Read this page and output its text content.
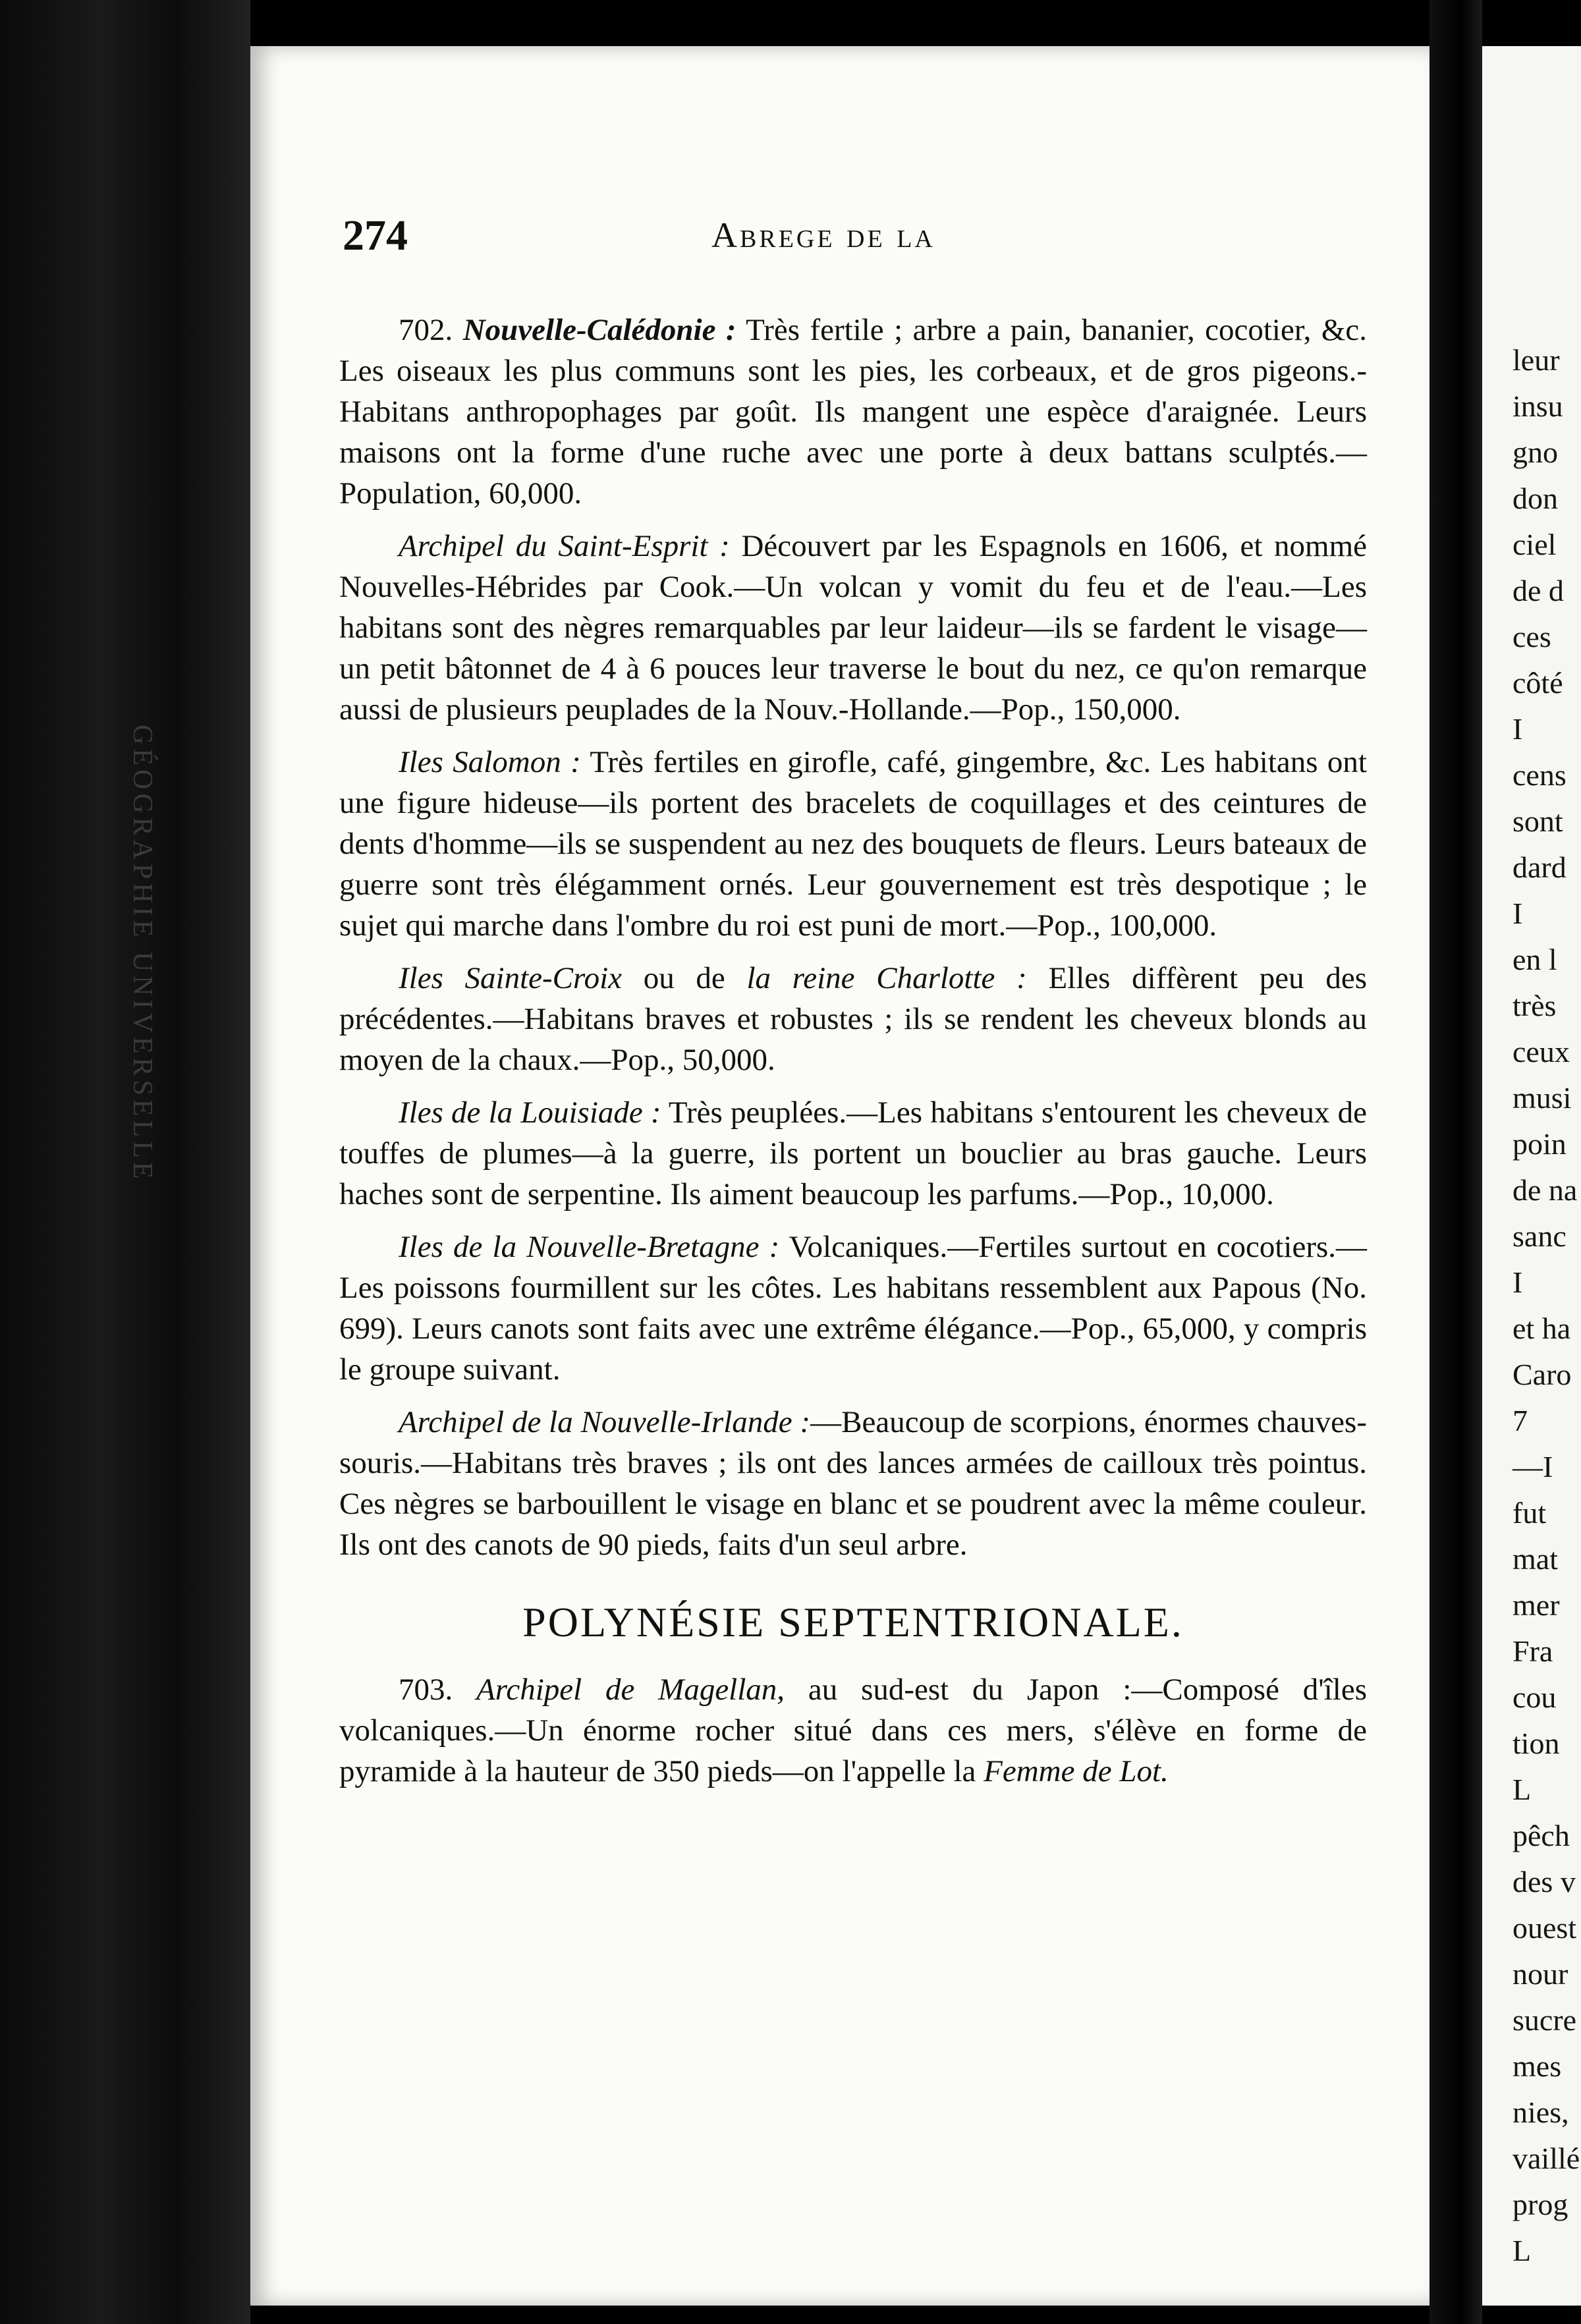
GÉOGRAPHIE UNIVERSELLE
274	Abrege de la

702. Nouvelle-Calédonie : Très fertile ; arbre a pain, bananier, cocotier, &c. Les oiseaux les plus communs sont les pies, les corbeaux, et de gros pigeons.-Habitans anthropophages par goût. Ils mangent une espèce d'araignée. Leurs maisons ont la forme d'une ruche avec une porte à deux battans sculptés.—Population, 60,000.

Archipel du Saint-Esprit : Découvert par les Espagnols en 1606, et nommé Nouvelles-Hébrides par Cook.—Un volcan y vomit du feu et de l'eau.—Les habitans sont des nègres remarquables par leur laideur—ils se fardent le visage—un petit bâtonnet de 4 à 6 pouces leur traverse le bout du nez, ce qu'on remarque aussi de plusieurs peuplades de la Nouv.-Hollande.—Pop., 150,000.

Iles Salomon : Très fertiles en girofle, café, gingembre, &c. Les habitans ont une figure hideuse—ils portent des bracelets de coquillages et des ceintures de dents d'homme—ils se suspendent au nez des bouquets de fleurs. Leurs bateaux de guerre sont très élégamment ornés. Leur gouvernement est très despotique ; le sujet qui marche dans l'ombre du roi est puni de mort.—Pop., 100,000.

Iles Sainte-Croix ou de la reine Charlotte : Elles diffèrent peu des précédentes.—Habitans braves et robustes ; ils se rendent les cheveux blonds au moyen de la chaux.—Pop., 50,000.

Iles de la Louisiade : Très peuplées.—Les habitans s'entourent les cheveux de touffes de plumes—à la guerre, ils portent un bouclier au bras gauche. Leurs haches sont de serpentine. Ils aiment beaucoup les parfums.—Pop., 10,000.

Iles de la Nouvelle-Bretagne : Volcaniques.—Fertiles surtout en cocotiers.—Les poissons fourmillent sur les côtes. Les habitans ressemblent aux Papous (No. 699). Leurs canots sont faits avec une extrême élégance.—Pop., 65,000, y compris le groupe suivant.

Archipel de la Nouvelle-Irlande :—Beaucoup de scorpions, énormes chauves-souris.—Habitans très braves ; ils ont des lances armées de cailloux très pointus. Ces nègres se barbouillent le visage en blanc et se poudrent avec la même couleur. Ils ont des canots de 90 pieds, faits d'un seul arbre.

POLYNÉSIE SEPTENTRIONALE.

703. Archipel de Magellan, au sud-est du Japon :—Composé d'îles volcaniques.—Un énorme rocher situé dans ces mers, s'élève en forme de pyramide à la hauteur de 350 pieds—on l'appelle la Femme de Lot.

leur
insu
gno
don
ciel
de d
ces
côté
I
cens
sont
dard
I
en l
très
ceux
musi
poin
de na
sanc
I
et ha
Caro
7
—I
fut
mat
mer
Fra
cou
tion
L
pêch
des v
ouest
nour
sucre
mes
nies,
vaillé
prog
L
